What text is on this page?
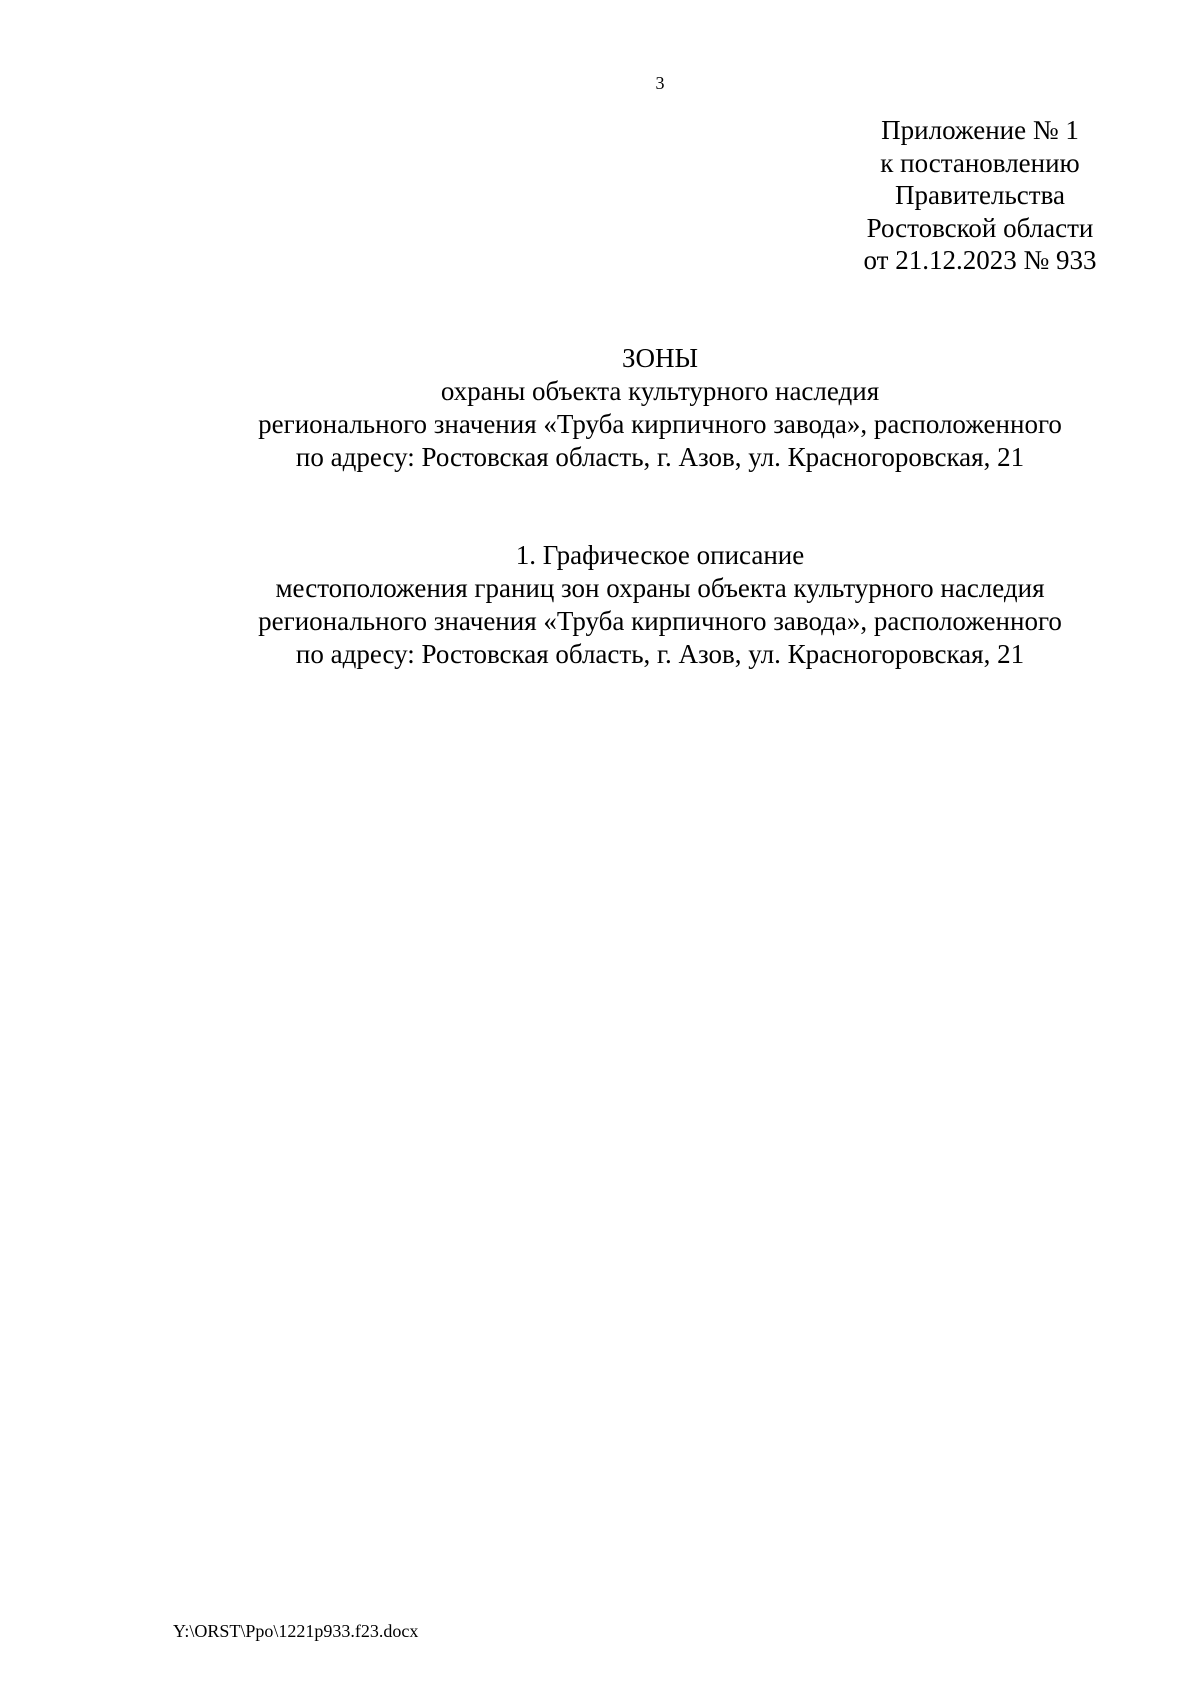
3
Приложение № 1
к постановлению
Правительства
Ростовской области
от 21.12.2023 № 933
ЗОНЫ
охраны объекта культурного наследия
регионального значения «Труба кирпичного завода», расположенного
по адресу: Ростовская область, г. Азов, ул. Красногоровская, 21
1. Графическое описание
местоположения границ зон охраны объекта культурного наследия
регионального значения «Труба кирпичного завода», расположенного
по адресу: Ростовская область, г. Азов, ул. Красногоровская, 21
Y:\ORST\Ppo\1221p933.f23.docx
